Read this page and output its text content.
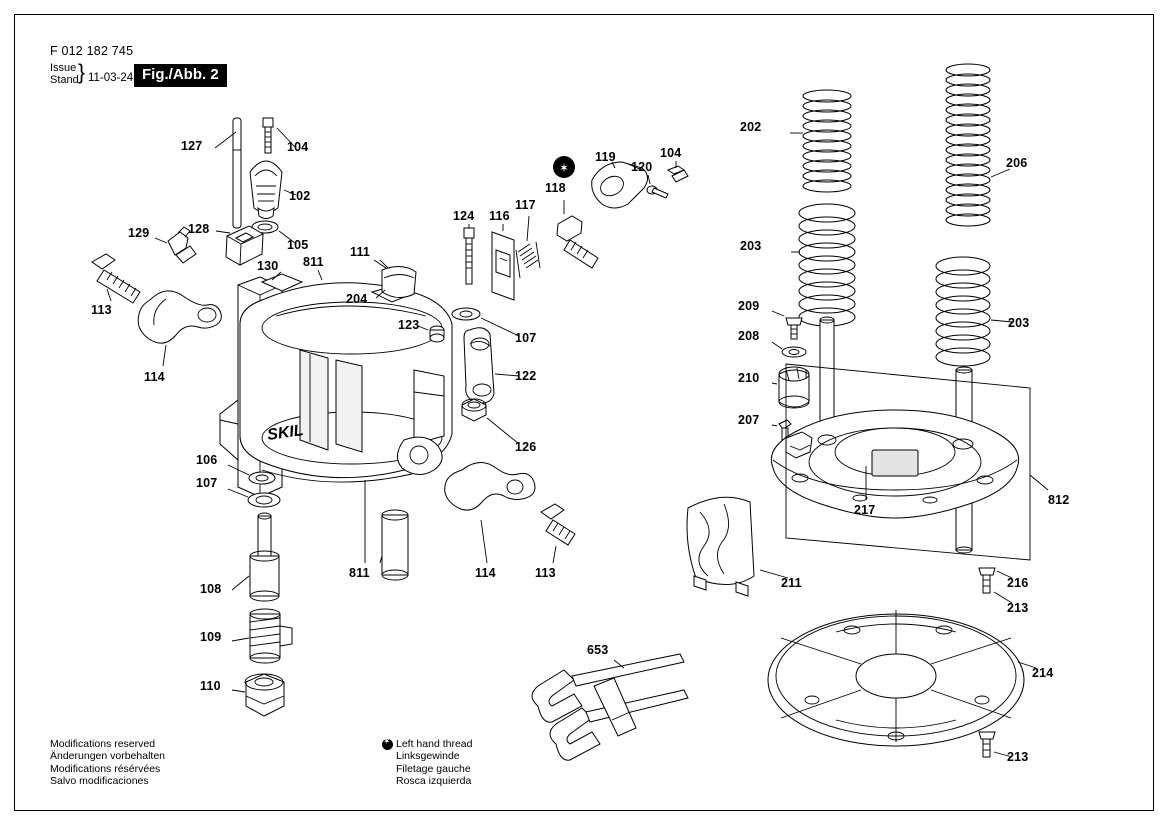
F 012 182 745
Issue
Stand } 11-03-24 Fig./Abb. 2
SKIL
✶
127	104
102
129	128
105
130 811
113
114
204
111
123
124 116
117
118
119
120
104
107
122
126
106
107
108
109
110
811	114	113
653
202
206
203
203
209
208
210
207
217
812
211	216
213
214
213
Modifications reserved
Änderungen vorbehalten
Modifications résérvées
Salvo modificaciones
✶
Left hand thread
Linksgewinde
Filetage gauche
Rosca izquierda
